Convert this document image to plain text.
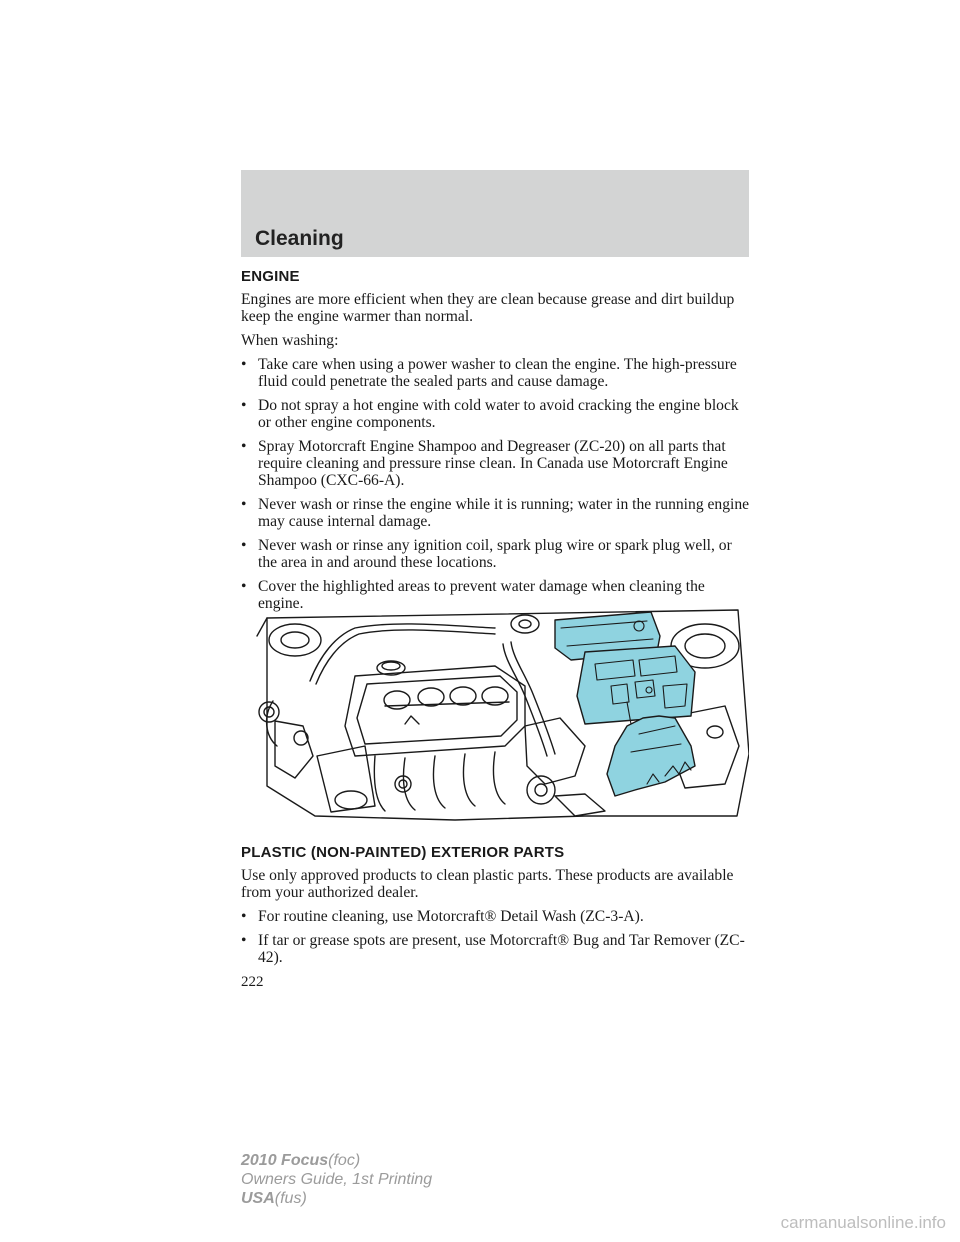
Cleaning
ENGINE
Engines are more efficient when they are clean because grease and dirt buildup keep the engine warmer than normal.
When washing:
• Take care when using a power washer to clean the engine. The high-pressure fluid could penetrate the sealed parts and cause damage.
• Do not spray a hot engine with cold water to avoid cracking the engine block or other engine components.
• Spray Motorcraft Engine Shampoo and Degreaser (ZC-20) on all parts that require cleaning and pressure rinse clean. In Canada use Motorcraft Engine Shampoo (CXC-66-A).
• Never wash or rinse the engine while it is running; water in the running engine may cause internal damage.
• Never wash or rinse any ignition coil, spark plug wire or spark plug well, or the area in and around these locations.
• Cover the highlighted areas to prevent water damage when cleaning the engine.
PLASTIC (NON-PAINTED) EXTERIOR PARTS
Use only approved products to clean plastic parts. These products are available from your authorized dealer.
• For routine cleaning, use Motorcraft® Detail Wash (ZC-3-A).
• If tar or grease spots are present, use Motorcraft® Bug and Tar Remover (ZC-42).
222
2010 Focus(foc)
Owners Guide, 1st Printing
USA(fus)
carmanualsonline.info
